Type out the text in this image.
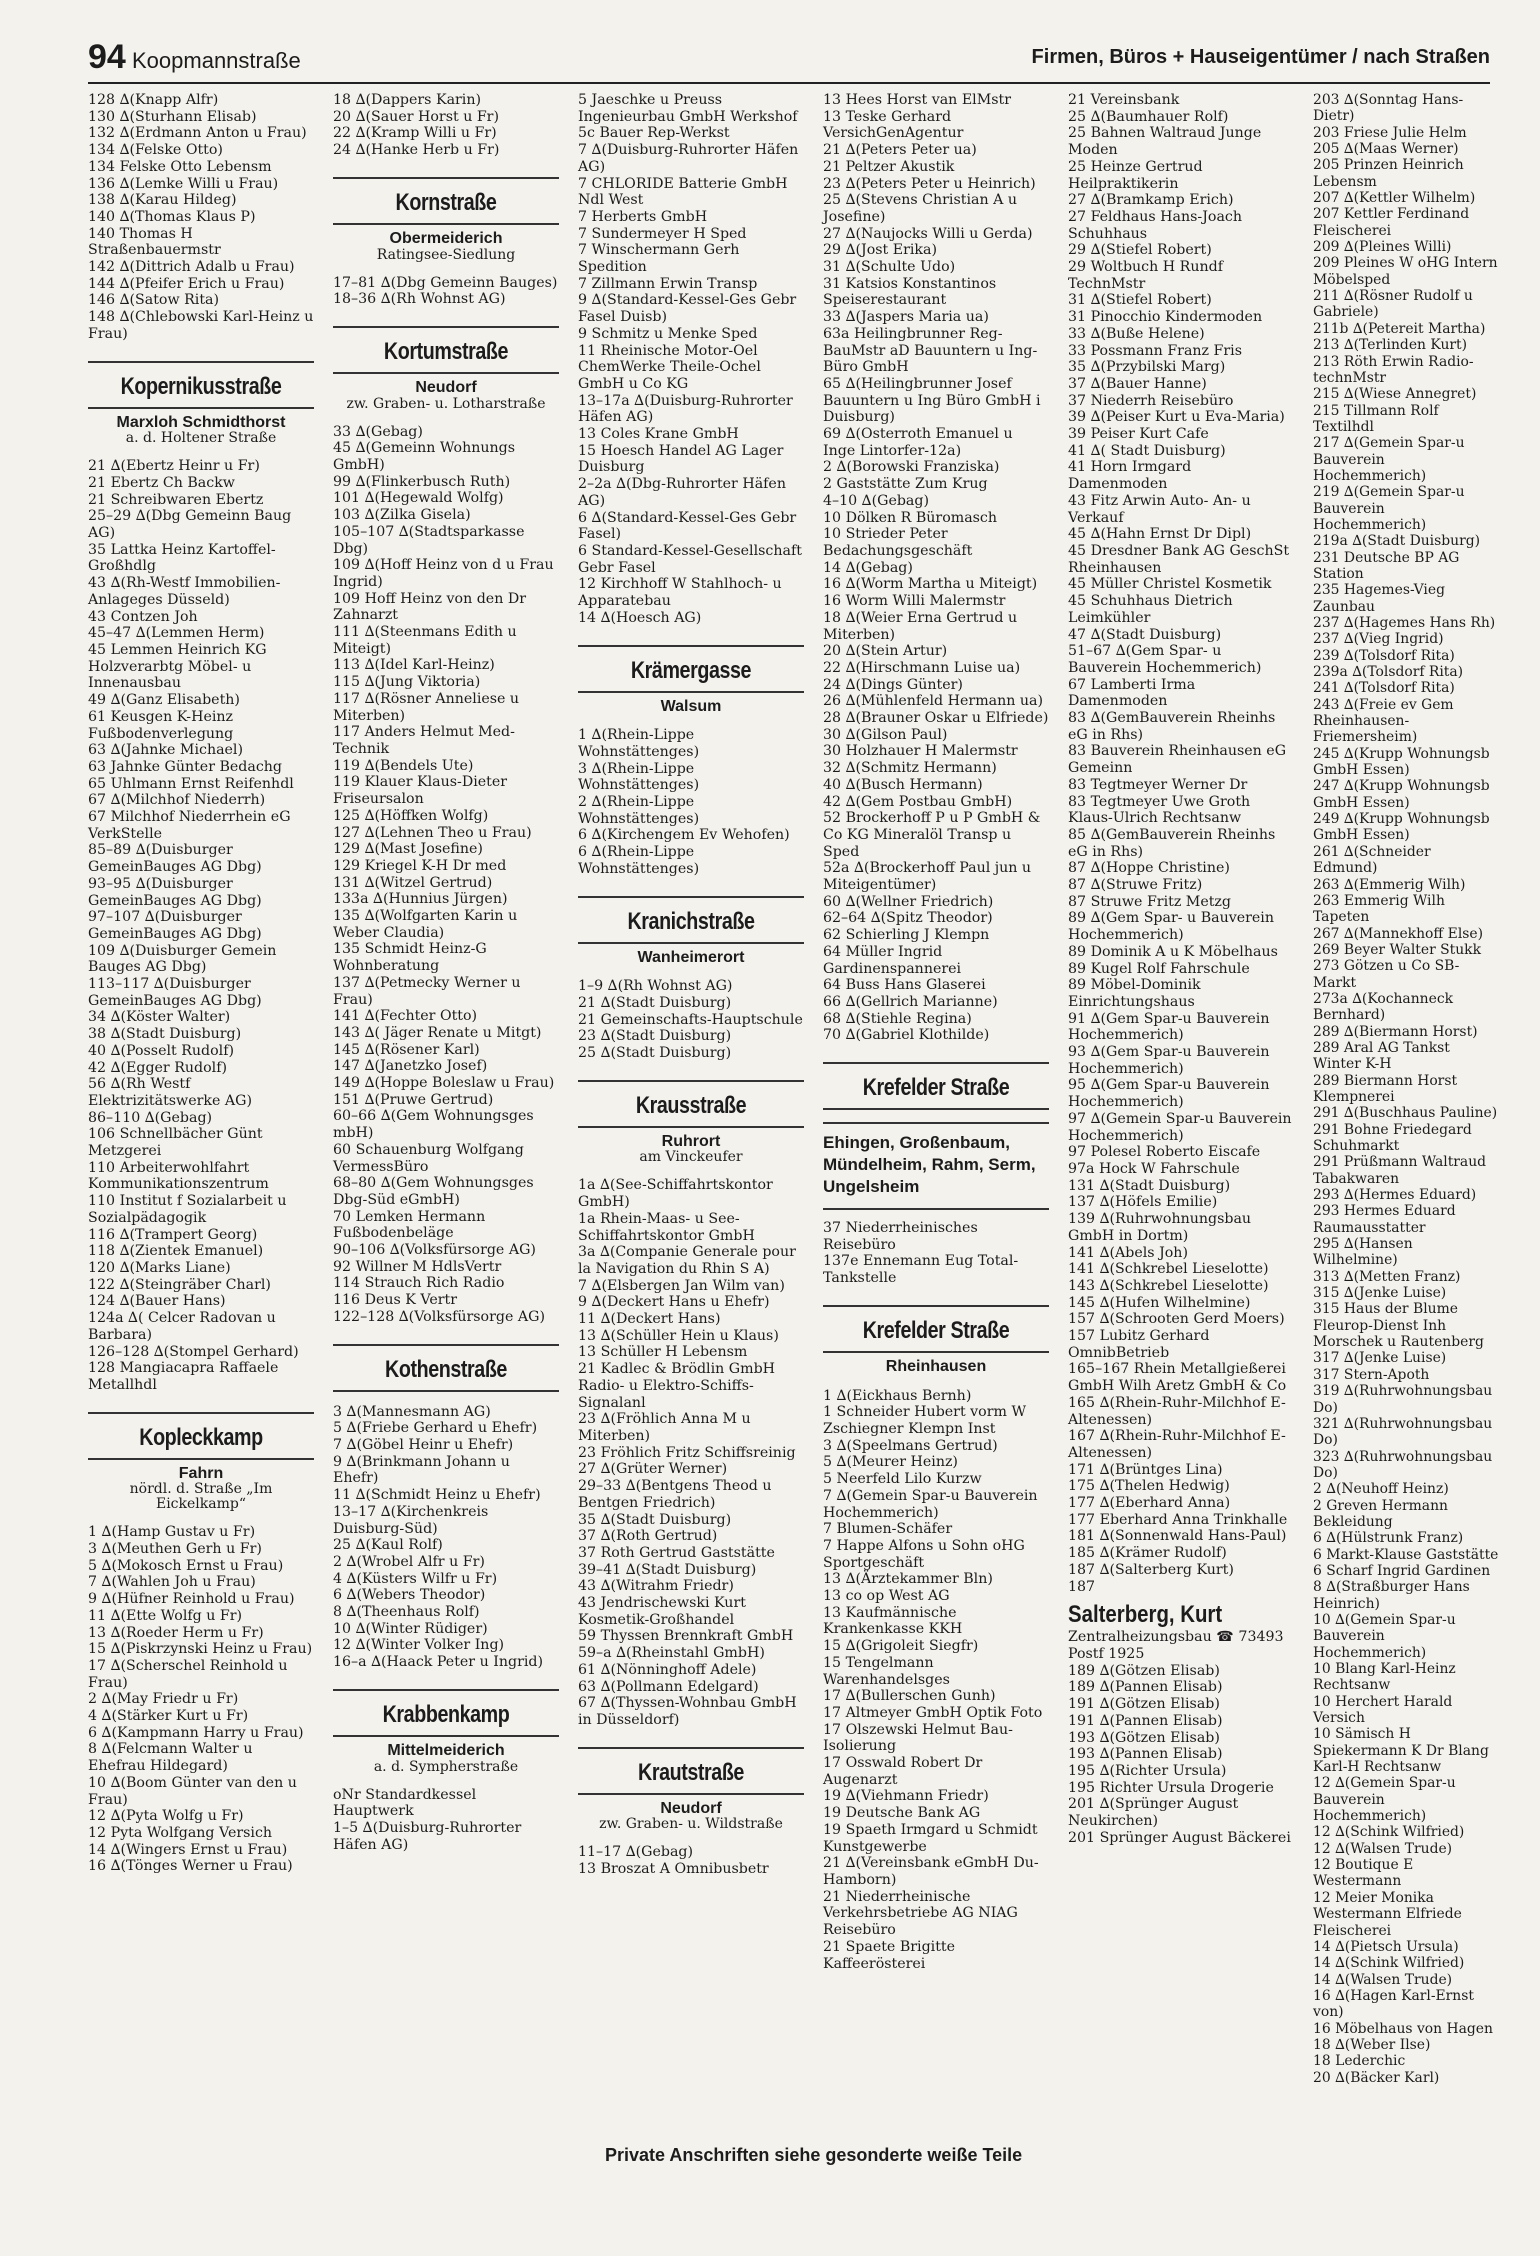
94 Koopmannstraße	Firmen, Büros + Hauseigentümer / nach Straßen
128 ∆(Knapp Alfr)
130 ∆(Sturhann Elisab)
132 ∆(Erdmann Anton u Frau)
134 ∆(Felske Otto)
134 Felske Otto Lebensm
136 ∆(Lemke Willi u Frau)
138 ∆(Karau Hildeg)
140 ∆(Thomas Klaus P)
140 Thomas H Straßenbauermstr
142 ∆(Dittrich Adalb u Frau)
144 ∆(Pfeifer Erich u Frau)
146 ∆(Satow Rita)
148 ∆(Chlebowski Karl-Heinz u Frau)
Kopernikusstraße
Marxloh Schmidthorst
a. d. Holtener Straße
21 ∆(Ebertz Heinr u Fr)
21 Ebertz Ch Backw
21 Schreibwaren Ebertz
25–29 ∆(Dbg Gemeinn Baug AG)
35 Lattka Heinz Kartoffel-Großhdlg
43 ∆(Rh-Westf Immobilien-Anlageges Düsseld)
43 Contzen Joh
45–47 ∆(Lemmen Herm)
45 Lemmen Heinrich KG Holzverarbtg Möbel- u Innenausbau
49 ∆(Ganz Elisabeth)
61 Keusgen K-Heinz Fußbodenverlegung
63 ∆(Jahnke Michael)
63 Jahnke Günter Bedachg
65 Uhlmann Ernst Reifenhdl
67 ∆(Milchhof Niederrh)
67 Milchhof Niederrhein eG VerkStelle
85–89 ∆(Duisburger GemeinBauges AG Dbg)
93–95 ∆(Duisburger GemeinBauges AG Dbg)
97–107 ∆(Duisburger GemeinBauges AG Dbg)
109 ∆(Duisburger Gemein Bauges AG Dbg)
113–117 ∆(Duisburger GemeinBauges AG Dbg)
34 ∆(Köster Walter)
38 ∆(Stadt Duisburg)
40 ∆(Posselt Rudolf)
42 ∆(Egger Rudolf)
56 ∆(Rh Westf Elektrizitätswerke AG)
86–110 ∆(Gebag)
106 Schnellbächer Günt Metzgerei
110 Arbeiterwohlfahrt Kommunikationszentrum
110 Institut f Sozialarbeit u Sozialpädagogik
116 ∆(Trampert Georg)
118 ∆(Zientek Emanuel)
120 ∆(Marks Liane)
122 ∆(Steingräber Charl)
124 ∆(Bauer Hans)
124a ∆( Celcer Radovan u Barbara)
126–128 ∆(Stompel Gerhard)
128 Mangiacapra Raffaele Metallhdl
Kopleckkamp
Fahrn
nördl. d. Straße „Im Eickelkamp“
1 ∆(Hamp Gustav u Fr)
3 ∆(Meuthen Gerh u Fr)
5 ∆(Mokosch Ernst u Frau)
7 ∆(Wahlen Joh u Frau)
9 ∆(Hüfner Reinhold u Frau)
11 ∆(Ette Wolfg u Fr)
13 ∆(Roeder Herm u Fr)
15 ∆(Piskrzynski Heinz u Frau)
17 ∆(Scherschel Reinhold u Frau)
2 ∆(May Friedr u Fr)
4 ∆(Stärker Kurt u Fr)
6 ∆(Kampmann Harry u Frau)
8 ∆(Felcmann Walter u Ehefrau Hildegard)
10 ∆(Boom Günter van den u Frau)
12 ∆(Pyta Wolfg u Fr)
12 Pyta Wolfgang Versich
14 ∆(Wingers Ernst u Frau)
16 ∆(Tönges Werner u Frau)
18 ∆(Dappers Karin)
20 ∆(Sauer Horst u Fr)
22 ∆(Kramp Willi u Fr)
24 ∆(Hanke Herb u Fr)
Kornstraße
Obermeiderich
Ratingsee-Siedlung
17–81 ∆(Dbg Gemeinn Bauges)
18–36 ∆(Rh Wohnst AG)
Kortumstraße
Neudorf
zw. Graben- u. Lotharstraße
33 ∆(Gebag)
45 ∆(Gemeinn Wohnungs GmbH)
99 ∆(Flinkerbusch Ruth)
101 ∆(Hegewald Wolfg)
103 ∆(Zilka Gisela)
105–107 ∆(Stadtsparkasse Dbg)
109 ∆(Hoff Heinz von d u Frau Ingrid)
109 Hoff Heinz von den Dr Zahnarzt
111 ∆(Steenmans Edith u Miteigt)
113 ∆(Idel Karl-Heinz)
115 ∆(Jung Viktoria)
117 ∆(Rösner Anneliese u Miterben)
117 Anders Helmut Med-Technik
119 ∆(Bendels Ute)
119 Klauer Klaus-Dieter Friseursalon
125 ∆(Höffken Wolfg)
127 ∆(Lehnen Theo u Frau)
129 ∆(Mast Josefine)
129 Kriegel K-H Dr med
131 ∆(Witzel Gertrud)
133a ∆(Hunnius Jürgen)
135 ∆(Wolfgarten Karin u Weber Claudia)
135 Schmidt Heinz-G Wohnberatung
137 ∆(Petmecky Werner u Frau)
141 ∆(Fechter Otto)
143 ∆( Jäger Renate u Mitgt)
145 ∆(Rösener Karl)
147 ∆(Janetzko Josef)
149 ∆(Hoppe Boleslaw u Frau)
151 ∆(Pruwe Gertrud)
60–66 ∆(Gem Wohnungsges mbH)
60 Schauenburg Wolfgang VermessBüro
68–80 ∆(Gem Wohnungsges Dbg-Süd eGmbH)
70 Lemken Hermann Fußbodenbeläge
90–106 ∆(Volksfürsorge AG)
92 Willner M HdlsVertr
114 Strauch Rich Radio
116 Deus K Vertr
122–128 ∆(Volksfürsorge AG)
Kothenstraße
3 ∆(Mannesmann AG)
5 ∆(Friebe Gerhard u Ehefr)
7 ∆(Göbel Heinr u Ehefr)
9 ∆(Brinkmann Johann u Ehefr)
11 ∆(Schmidt Heinz u Ehefr)
13–17 ∆(Kirchenkreis Duisburg-Süd)
25 ∆(Kaul Rolf)
2 ∆(Wrobel Alfr u Fr)
4 ∆(Küsters Wilfr u Fr)
6 ∆(Webers Theodor)
8 ∆(Theenhaus Rolf)
10 ∆(Winter Rüdiger)
12 ∆(Winter Volker Ing)
16–a ∆(Haack Peter u Ingrid)
Krabbenkamp
Mittelmeiderich
a. d. Sympherstraße
oNr Standardkessel Hauptwerk
1–5 ∆(Duisburg-Ruhrorter Häfen AG)
5 Jaeschke u Preuss Ingenieurbau GmbH Werkshof
5c Bauer Rep-Werkst
7 ∆(Duisburg-Ruhrorter Häfen AG)
7 CHLORIDE Batterie GmbH Ndl West
7 Herberts GmbH
7 Sundermeyer H Sped
7 Winschermann Gerh Spedition
7 Zillmann Erwin Transp
9 ∆(Standard-Kessel-Ges Gebr Fasel Duisb)
9 Schmitz u Menke Sped
11 Rheinische Motor-Oel ChemWerke Theile-Ochel GmbH u Co KG
13–17a ∆(Duisburg-Ruhrorter Häfen AG)
13 Coles Krane GmbH
15 Hoesch Handel AG Lager Duisburg
2–2a ∆(Dbg-Ruhrorter Häfen AG)
6 ∆(Standard-Kessel-Ges Gebr Fasel)
6 Standard-Kessel-Gesellschaft Gebr Fasel
12 Kirchhoff W Stahlhoch- u Apparatebau
14 ∆(Hoesch AG)
Krämergasse
Walsum
1 ∆(Rhein-Lippe Wohnstättenges)
3 ∆(Rhein-Lippe Wohnstättenges)
2 ∆(Rhein-Lippe Wohnstättenges)
6 ∆(Kirchengem Ev Wehofen)
6 ∆(Rhein-Lippe Wohnstättenges)
Kranichstraße
Wanheimerort
1–9 ∆(Rh Wohnst AG)
21 ∆(Stadt Duisburg)
21 Gemeinschafts-Hauptschule
23 ∆(Stadt Duisburg)
25 ∆(Stadt Duisburg)
Krausstraße
Ruhrort
am Vinckeufer
1a ∆(See-Schiffahrtskontor GmbH)
1a Rhein-Maas- u See-Schiffahrtskontor GmbH
3a ∆(Companie Generale pour la Navigation du Rhin S A)
7 ∆(Elsbergen Jan Wilm van)
9 ∆(Deckert Hans u Ehefr)
11 ∆(Deckert Hans)
13 ∆(Schüller Hein u Klaus)
13 Schüller H Lebensm
21 Kadlec & Brödlin GmbH Radio- u Elektro-Schiffs-Signalanl
23 ∆(Fröhlich Anna M u Miterben)
23 Fröhlich Fritz Schiffsreinig
27 ∆(Grüter Werner)
29–33 ∆(Bentgens Theod u Bentgen Friedrich)
35 ∆(Stadt Duisburg)
37 ∆(Roth Gertrud)
37 Roth Gertrud Gaststätte
39–41 ∆(Stadt Duisburg)
43 ∆(Witrahm Friedr)
43 Jendrischewski Kurt Kosmetik-Großhandel
59 Thyssen Brennkraft GmbH
59–a ∆(Rheinstahl GmbH)
61 ∆(Nönninghoff Adele)
63 ∆(Pollmann Edelgard)
67 ∆(Thyssen-Wohnbau GmbH in Düsseldorf)
Krautstraße
Neudorf
zw. Graben- u. Wildstraße
11–17 ∆(Gebag)
13 Broszat A Omnibusbetr
13 Hees Horst van ElMstr
13 Teske Gerhard VersichGenAgentur
21 ∆(Peters Peter ua)
21 Peltzer Akustik
23 ∆(Peters Peter u Heinrich)
25 ∆(Stevens Christian A u Josefine)
27 ∆(Naujocks Willi u Gerda)
29 ∆(Jost Erika)
31 ∆(Schulte Udo)
31 Katsios Konstantinos Speiserestaurant
33 ∆(Jaspers Maria ua)
63a Heilingbrunner Reg-BauMstr aD Bauuntern u Ing-Büro GmbH
65 ∆(Heilingbrunner Josef Bauuntern u Ing Büro GmbH i Duisburg)
69 ∆(Osterroth Emanuel u Inge Lintorfer-12a)
2 ∆(Borowski Franziska)
2 Gaststätte Zum Krug
4–10 ∆(Gebag)
10 Dölken R Büromasch
10 Strieder Peter Bedachungsgeschäft
14 ∆(Gebag)
16 ∆(Worm Martha u Miteigt)
16 Worm Willi Malermstr
18 ∆(Weier Erna Gertrud u Miterben)
20 ∆(Stein Artur)
22 ∆(Hirschmann Luise ua)
24 ∆(Dings Günter)
26 ∆(Mühlenfeld Hermann ua)
28 ∆(Brauner Oskar u Elfriede)
30 ∆(Gilson Paul)
30 Holzhauer H Malermstr
32 ∆(Schmitz Hermann)
40 ∆(Busch Hermann)
42 ∆(Gem Postbau GmbH)
52 Brockerhoff P u P GmbH & Co KG Mineralöl Transp u Sped
52a ∆(Brockerhoff Paul jun u Miteigentümer)
60 ∆(Wellner Friedrich)
62–64 ∆(Spitz Theodor)
62 Schierling J Klempn
64 Müller Ingrid Gardinenspannerei
64 Buss Hans Glaserei
66 ∆(Gellrich Marianne)
68 ∆(Stiehle Regina)
70 ∆(Gabriel Klothilde)
Krefelder Straße
Ehingen, Großenbaum, Mündelheim, Rahm, Serm, Ungelsheim
37 Niederrheinisches Reisebüro
137e Ennemann Eug Total-Tankstelle
Krefelder Straße
Rheinhausen
1 ∆(Eickhaus Bernh)
1 Schneider Hubert vorm W Zschiegner Klempn Inst
3 ∆(Speelmans Gertrud)
5 ∆(Meurer Heinz)
5 Neerfeld Lilo Kurzw
7 ∆(Gemein Spar-u Bauverein Hochemmerich)
7 Blumen-Schäfer
7 Happe Alfons u Sohn oHG Sportgeschäft
13 ∆(Ärztekammer Bln)
13 co op West AG
13 Kaufmännische Krankenkasse KKH
15 ∆(Grigoleit Siegfr)
15 Tengelmann Warenhandelsges
17 ∆(Bullerschen Gunh)
17 Altmeyer GmbH Optik Foto
17 Olszewski Helmut Bau-Isolierung
17 Osswald Robert Dr Augenarzt
19 ∆(Viehmann Friedr)
19 Deutsche Bank AG
19 Spaeth Irmgard u Schmidt Kunstgewerbe
21 ∆(Vereinsbank eGmbH Du-Hamborn)
21 Niederrheinische Verkehrsbetriebe AG NIAG Reisebüro
21 Spaete Brigitte Kaffeerösterei
21 Vereinsbank
25 ∆(Baumhauer Rolf)
25 Bahnen Waltraud Junge Moden
25 Heinze Gertrud Heilpraktikerin
27 ∆(Bramkamp Erich)
27 Feldhaus Hans-Joach Schuhhaus
29 ∆(Stiefel Robert)
29 Woltbuch H Rundf TechnMstr
31 ∆(Stiefel Robert)
31 Pinocchio Kindermoden
33 ∆(Buße Helene)
33 Possmann Franz Fris
35 ∆(Przybilski Marg)
37 ∆(Bauer Hanne)
37 Niederrh Reisebüro
39 ∆(Peiser Kurt u Eva-Maria)
39 Peiser Kurt Cafe
41 ∆( Stadt Duisburg)
41 Horn Irmgard Damenmoden
43 Fitz Arwin Auto- An- u Verkauf
45 ∆(Hahn Ernst Dr Dipl)
45 Dresdner Bank AG GeschSt Rheinhausen
45 Müller Christel Kosmetik
45 Schuhhaus Dietrich Leimkühler
47 ∆(Stadt Duisburg)
51–67 ∆(Gem Spar- u Bauverein Hochemmerich)
67 Lamberti Irma Damenmoden
83 ∆(GemBauverein Rheinhs eG in Rhs)
83 Bauverein Rheinhausen eG Gemeinn
83 Tegtmeyer Werner Dr
83 Tegtmeyer Uwe Groth Klaus-Ulrich Rechtsanw
85 ∆(GemBauverein Rheinhs eG in Rhs)
87 ∆(Hoppe Christine)
87 ∆(Struwe Fritz)
87 Struwe Fritz Metzg
89 ∆(Gem Spar- u Bauverein Hochemmerich)
89 Dominik A u K Möbelhaus
89 Kugel Rolf Fahrschule
89 Möbel-Dominik Einrichtungshaus
91 ∆(Gem Spar-u Bauverein Hochemmerich)
93 ∆(Gem Spar-u Bauverein Hochemmerich)
95 ∆(Gem Spar-u Bauverein Hochemmerich)
97 ∆(Gemein Spar-u Bauverein Hochemmerich)
97 Polesel Roberto Eiscafe
97a Hock W Fahrschule
131 ∆(Stadt Duisburg)
137 ∆(Höfels Emilie)
139 ∆(Ruhrwohnungsbau GmbH in Dortm)
141 ∆(Abels Joh)
141 ∆(Schkrebel Lieselotte)
143 ∆(Schkrebel Lieselotte)
145 ∆(Hufen Wilhelmine)
157 ∆(Schrooten Gerd Moers)
157 Lubitz Gerhard OmnibBetrieb
165–167 Rhein Metallgießerei GmbH Wilh Aretz GmbH & Co
165 ∆(Rhein-Ruhr-Milchhof E-Altenessen)
167 ∆(Rhein-Ruhr-Milchhof E-Altenessen)
171 ∆(Brüntges Lina)
175 ∆(Thelen Hedwig)
177 ∆(Eberhard Anna)
177 Eberhard Anna Trinkhalle
181 ∆(Sonnenwald Hans-Paul)
185 ∆(Krämer Rudolf)
187 ∆(Salterberg Kurt)
187
Salterberg, Kurt
Zentralheizungsbau ☎ 73493 Postf 1925
189 ∆(Götzen Elisab)
189 ∆(Pannen Elisab)
191 ∆(Götzen Elisab)
191 ∆(Pannen Elisab)
193 ∆(Götzen Elisab)
193 ∆(Pannen Elisab)
195 ∆(Richter Ursula)
195 Richter Ursula Drogerie
201 ∆(Sprünger August Neukirchen)
201 Sprünger August Bäckerei
203 ∆(Sonntag Hans-Dietr)
203 Friese Julie Helm
205 ∆(Maas Werner)
205 Prinzen Heinrich Lebensm
207 ∆(Kettler Wilhelm)
207 Kettler Ferdinand Fleischerei
209 ∆(Pleines Willi)
209 Pleines W oHG Intern Möbelsped
211 ∆(Rösner Rudolf u Gabriele)
211b ∆(Petereit Martha)
213 ∆(Terlinden Kurt)
213 Röth Erwin Radio-technMstr
215 ∆(Wiese Annegret)
215 Tillmann Rolf Textilhdl
217 ∆(Gemein Spar-u Bauverein Hochemmerich)
219 ∆(Gemein Spar-u Bauverein Hochemmerich)
219a ∆(Stadt Duisburg)
231 Deutsche BP AG Station
235 Hagemes-Vieg Zaunbau
237 ∆(Hagemes Hans Rh)
237 ∆(Vieg Ingrid)
239 ∆(Tolsdorf Rita)
239a ∆(Tolsdorf Rita)
241 ∆(Tolsdorf Rita)
243 ∆(Freie ev Gem Rheinhausen-Friemersheim)
245 ∆(Krupp Wohnungsb GmbH Essen)
247 ∆(Krupp Wohnungsb GmbH Essen)
249 ∆(Krupp Wohnungsb GmbH Essen)
261 ∆(Schneider Edmund)
263 ∆(Emmerig Wilh)
263 Emmerig Wilh Tapeten
267 ∆(Mannekhoff Else)
269 Beyer Walter Stukk
273 Götzen u Co SB-Markt
273a ∆(Kochanneck Bernhard)
289 ∆(Biermann Horst)
289 Aral AG Tankst Winter K-H
289 Biermann Horst Klempnerei
291 ∆(Buschhaus Pauline)
291 Bohne Friedegard Schuhmarkt
291 Prüßmann Waltraud Tabakwaren
293 ∆(Hermes Eduard)
293 Hermes Eduard Raumausstatter
295 ∆(Hansen Wilhelmine)
313 ∆(Metten Franz)
315 ∆(Jenke Luise)
315 Haus der Blume Fleurop-Dienst Inh Morschek u Rautenberg
317 ∆(Jenke Luise)
317 Stern-Apoth
319 ∆(Ruhrwohnungsbau Do)
321 ∆(Ruhrwohnungsbau Do)
323 ∆(Ruhrwohnungsbau Do)
2 ∆(Neuhoff Heinz)
2 Greven Hermann Bekleidung
6 ∆(Hülstrunk Franz)
6 Markt-Klause Gaststätte
6 Scharf Ingrid Gardinen
8 ∆(Straßburger Hans Heinrich)
10 ∆(Gemein Spar-u Bauverein Hochemmerich)
10 Blang Karl-Heinz Rechtsanw
10 Herchert Harald Versich
10 Sämisch H Spiekermann K Dr Blang Karl-H Rechtsanw
12 ∆(Gemein Spar-u Bauverein Hochemmerich)
12 ∆(Schink Wilfried)
12 ∆(Walsen Trude)
12 Boutique E Westermann
12 Meier Monika Westermann Elfriede Fleischerei
14 ∆(Pietsch Ursula)
14 ∆(Schink Wilfried)
14 ∆(Walsen Trude)
16 ∆(Hagen Karl-Ernst von)
16 Möbelhaus von Hagen
18 ∆(Weber Ilse)
18 Lederchic
20 ∆(Bäcker Karl)
Private Anschriften siehe gesonderte weiße Teile
